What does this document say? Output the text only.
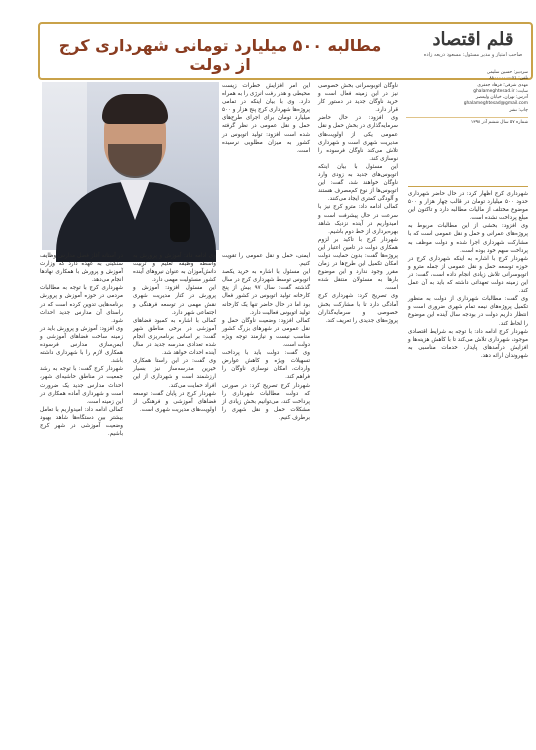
مطالبه ۵۰۰ میلیارد تومانی شهرداری کرج از دولت
قلم اقتصاد
صاحب امتیاز و مدیر مسئول: مسعود ذریعه زاده
سردبیر: حسین سلیمی
تلفن: ۰۲۱-۸۸۰۰۰۰۰۰
مهدی شرقی؛ فرهاد جعفری
سایت: ghalameghtesad.ir
آدرس: تهران، خیابان ولیعصر
ghalameghtesad@gmail.com
چاپ: نشر
شماره ۵۷ سال ششم آذر ۱۳۹۸
شهرداری کرج اظهار کرد: در حال حاضر شهرداری حدود ۵۰۰ میلیارد تومان در قالب چهار هزار و ۵۰۰ موضوع مختلف از مالیات مطالبه دارد و تاکنون این مبلغ پرداخت نشده است.
وی افزود: بخشی از این مطالبات مربوط به پروژه‌های عمرانی و حمل و نقل عمومی است که با مشارکت شهرداری اجرا شده و دولت موظف به پرداخت سهم خود بوده است.
شهردار کرج با اشاره به اینکه شهرداری کرج در حوزه توسعه حمل و نقل عمومی از جمله مترو و اتوبوسرانی تلاش زیادی انجام داده است، گفت: در این زمینه دولت تعهداتی داشته که باید به آن عمل کند.
وی گفت: مطالبات شهرداری از دولت به منظور تکمیل پروژه‌های نیمه تمام شهری ضروری است و انتظار داریم دولت در بودجه سال آینده این موضوع را لحاظ کند.
شهردار کرج ادامه داد: با توجه به شرایط اقتصادی موجود، شهرداری تلاش می‌کند تا با کاهش هزینه‌ها و افزایش درآمدهای پایدار، خدمات مناسبی به شهروندان ارائه دهد.
ناوگان اتوبوسرانی بخش خصوصی نیز در این زمینه فعال است و خرید ناوگان جدید در دستور کار قرار دارد.
وی افزود: در حال حاضر سرمایه‌گذاری در بخش حمل و نقل عمومی یکی از اولویت‌های مدیریت شهری است و شهرداری تلاش می‌کند ناوگان فرسوده را نوسازی کند.
این مسئول با بیان اینکه اتوبوس‌های جدید به زودی وارد ناوگان خواهند شد، گفت: این اتوبوس‌ها از نوع کم‌مصرف هستند و آلودگی کمتری ایجاد می‌کنند.
کمالی ادامه داد: مترو کرج نیز با سرعت در حال پیشرفت است و امیدواریم در آینده نزدیک شاهد بهره‌برداری از خط دوم باشیم.
شهردار کرج با تاکید بر لزوم همکاری دولت در تامین اعتبار این پروژه‌ها گفت: بدون حمایت دولت امکان تکمیل این طرح‌ها در زمان مقرر وجود ندارد و این موضوع بارها به مسئولان منتقل شده است.
وی تصریح کرد: شهرداری کرج آمادگی دارد تا با مشارکت بخش خصوصی و سرمایه‌گذاران پروژه‌های جدیدی را تعریف کند.
این امر افزایش خطرات زیست محیطی و هدر رفت انرژی را به همراه دارد. وی با بیان اینکه در تمامی پروژه‌ها شهرداری کرج پنج هزار و ۵۰۰ میلیارد تومان برای اجرای طرح‌های حمل و نقل عمومی در نظر گرفته شده است افزود: تولید اتوبوس در کشور به میزان مطلوبی نرسیده است.
ایمنی، حمل و نقل عمومی را تقویت کنیم.
این مسئول با اشاره به خرید یکصد اتوبوس توسط شهرداری کرج در سال گذشته گفت: سال ۹۷ بیش از پنج کارخانه تولید اتوبوس در کشور فعال بود اما در حال حاضر تنها یک کارخانه تولید اتوبوس فعالیت دارد.
کمالی افزود: وضعیت ناوگان حمل و نقل عمومی در شهرهای بزرگ کشور مناسب نیست و نیازمند توجه ویژه دولت است.
وی گفت: دولت باید با پرداخت تسهیلات ویژه و کاهش عوارض واردات، امکان نوسازی ناوگان را فراهم کند.
شهردار کرج تصریح کرد: در صورتی که دولت مطالبات شهرداری را پرداخت کند، می‌توانیم بخش زیادی از مشکلات حمل و نقل شهری را برطرف کنیم.
وی ادامه داد: آموزش و پرورش به واسطه وظیفه تعلیم و تربیت دانش‌آموزان به عنوان نیروهای آینده کشور مسئولیت مهمی دارد.
این مسئول افزود: آموزش و پرورش در کنار مدیریت شهری نقش مهمی در توسعه فرهنگی و اجتماعی شهر دارد.
کمالی با اشاره به کمبود فضاهای آموزشی در برخی مناطق شهر گفت: بر اساس برنامه‌ریزی انجام شده تعدادی مدرسه جدید در سال آینده احداث خواهد شد.
وی گفت: در این راستا همکاری خیرین مدرسه‌ساز نیز بسیار ارزشمند است و شهرداری از این افراد حمایت می‌کند.
شهردار کرج در پایان گفت: توسعه فضاهای آموزشی و فرهنگی از اولویت‌های مدیریت شهری است.
در آستانه آغاز فصل مدارس وظایف سنگینی به عهده دارد که وزارت آموزش و پرورش با همکاری نهادها انجام می‌دهد.
شهرداری کرج با توجه به مطالبات مردمی در حوزه آموزش و پرورش برنامه‌هایی تدوین کرده است که در راستای آن مدارس جدید احداث شود.
وی افزود: آموزش و پرورش باید در زمینه ساخت فضاهای آموزشی و ایمن‌سازی مدارس فرسوده همکاری لازم را با شهرداری داشته باشد.
شهردار کرج گفت: با توجه به رشد جمعیت در مناطق حاشیه‌ای شهر، احداث مدارس جدید یک ضرورت است و شهرداری آماده همکاری در این زمینه است.
کمالی ادامه داد: امیدواریم با تعامل بیشتر بین دستگاه‌ها شاهد بهبود وضعیت آموزشی در شهر کرج باشیم.
